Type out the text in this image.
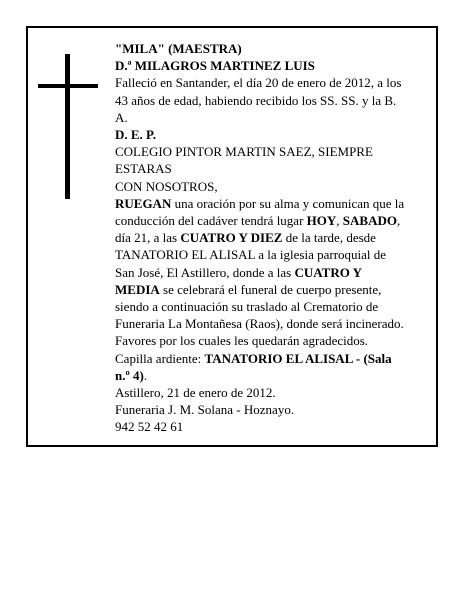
"MILA" (MAESTRA)
D.ª MILAGROS MARTINEZ LUIS
Falleció en Santander, el día 20 de enero de 2012, a los
43 años de edad, habiendo recibido los SS. SS. y la B.
A.
D. E. P.
COLEGIO PINTOR MARTIN SAEZ, SIEMPRE
ESTARAS
CON NOSOTROS,
RUEGAN una oración por su alma y comunican que la
conducción del cadáver tendrá lugar HOY, SABADO,
día 21, a las CUATRO Y DIEZ de la tarde, desde
TANATORIO EL ALISAL a la iglesia parroquial de
San José, El Astillero, donde a las CUATRO Y
MEDIA se celebrará el funeral de cuerpo presente,
siendo a continuación su traslado al Crematorio de
Funeraria La Montañesa (Raos), donde será incinerado.
Favores por los cuales les quedarán agradecidos.
Capilla ardiente: TANATORIO EL ALISAL - (Sala
n.º 4).
Astillero, 21 de enero de 2012.
Funeraria J. M. Solana - Hoznayo.
942 52 42 61
